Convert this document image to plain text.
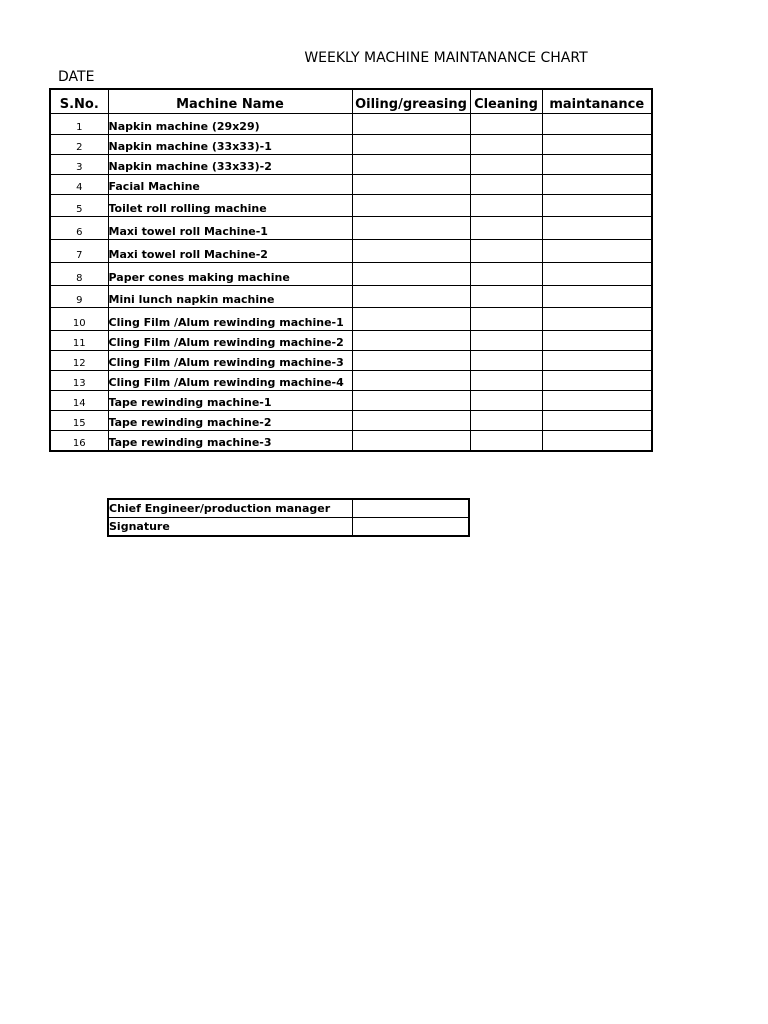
WEEKLY MACHINE MAINTANANCE CHART
DATE
S.No.	Machine Name	Oiling/greasing	Cleaning	maintanance
1	Napkin machine (29x29)			
2	Napkin machine (33x33)-1			
3	Napkin machine (33x33)-2			
4	Facial Machine			
5	Toilet roll rolling machine			
6	Maxi towel roll Machine-1			
7	Maxi towel roll Machine-2			
8	Paper cones making machine			
9	Mini lunch napkin machine			
10	Cling Film /Alum rewinding machine-1			
11	Cling Film /Alum rewinding machine-2			
12	Cling Film /Alum rewinding machine-3			
13	Cling Film /Alum rewinding machine-4			
14	Tape rewinding machine-1			
15	Tape rewinding machine-2			
16	Tape rewinding machine-3			
Chief Engineer/production manager	
Signature	
